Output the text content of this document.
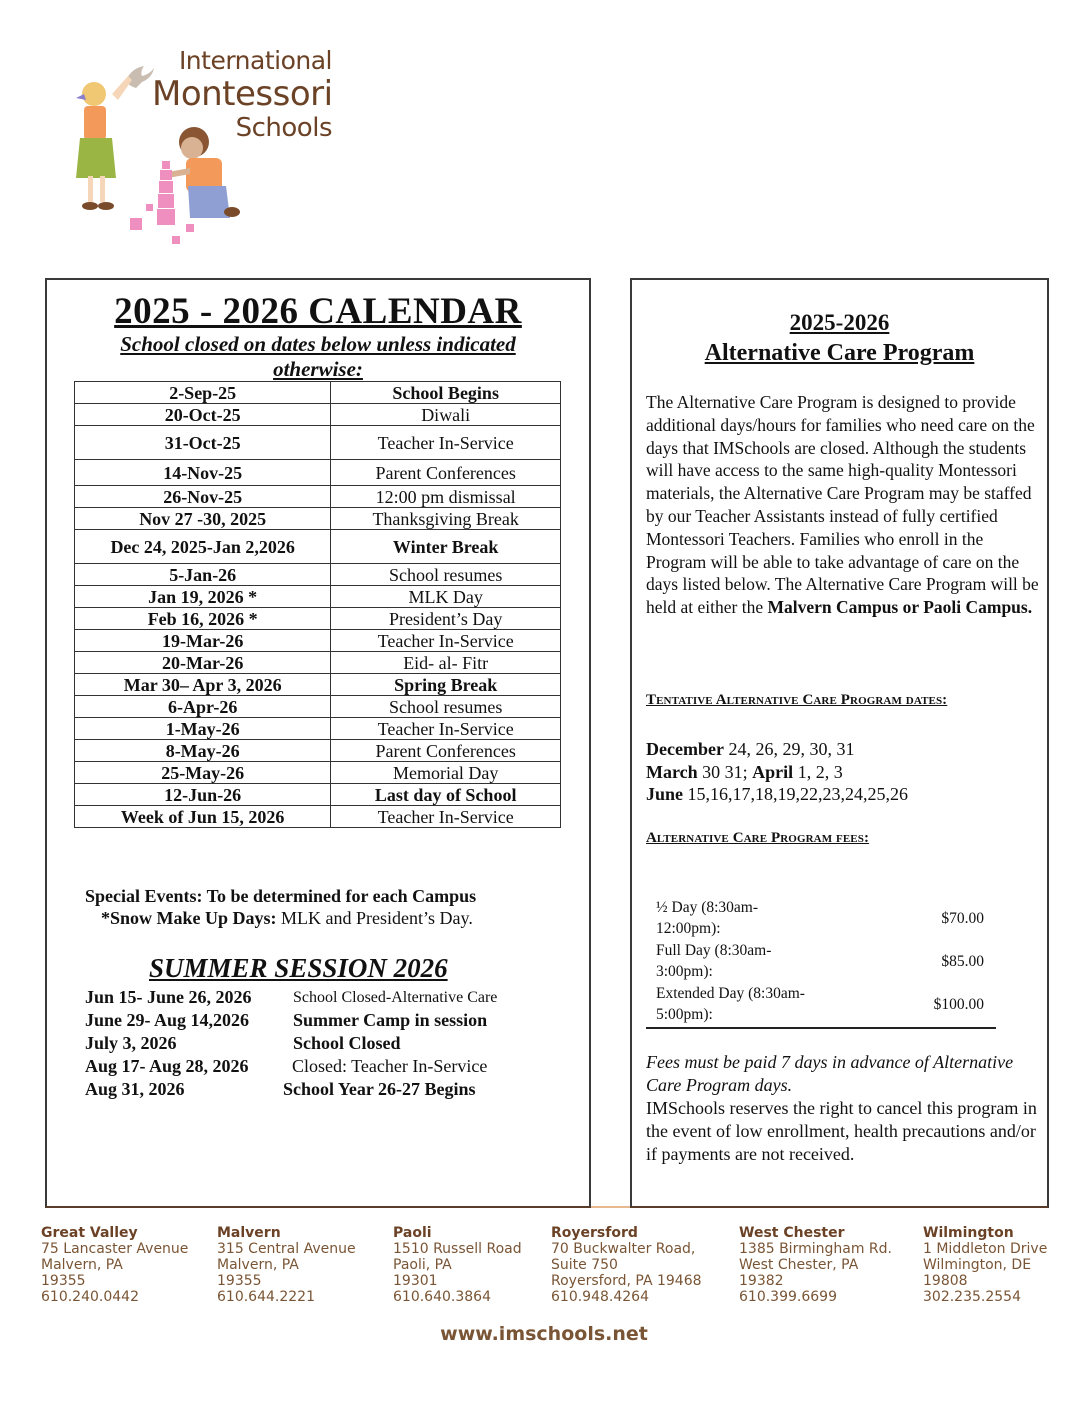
International
Montessori
Schools
2025 - 2026 CALENDAR
School closed on dates below unless indicated
otherwise:
2-Sep-25	School Begins
20-Oct-25	Diwali
31-Oct-25	Teacher In-Service
14-Nov-25	Parent Conferences
26-Nov-25	12:00 pm dismissal
Nov 27 -30, 2025	Thanksgiving Break
Dec 24, 2025-Jan 2,2026	Winter Break
5-Jan-26	School resumes
Jan 19, 2026 *	MLK Day
Feb 16, 2026 *	President’s Day
19-Mar-26	Teacher In-Service
20-Mar-26	Eid- al- Fitr
Mar 30– Apr 3, 2026	Spring Break
6-Apr-26	School resumes
1-May-26	Teacher In-Service
8-May-26	Parent Conferences
25-May-26	Memorial Day
12-Jun-26	Last day of School
Week of Jun 15, 2026	Teacher In-Service
Special Events: To be determined for each Campus
*Snow Make Up Days: MLK and President’s Day.
SUMMER SESSION 2026
Jun 15- June 26, 2026	School Closed-Alternative Care
June 29- Aug 14,2026 Summer Camp in session
July 3, 2026	School Closed
Aug 17- Aug 28, 2026 Closed: Teacher In-Service
Aug 31, 2026	School Year 26-27 Begins
2025-2026
Alternative Care Program
The Alternative Care Program is designed to provide additional days/hours for families who need care on the days that IMSchools are closed. Although the students will have access to the same high-quality Montessori materials, the Alternative Care Program may be staffed by our Teacher Assistants instead of fully certified Montessori Teachers. Families who enroll in the Program will be able to take advantage of care on the days listed below. The Alternative Care Program will be held at either the Malvern Campus or Paoli Campus.
Tentative Alternative Care Program dates:
December 24, 26, 29, 30, 31
March 30 31; April 1, 2, 3
June 15,16,17,18,19,22,23,24,25,26
Alternative Care Program fees:
½ Day (8:30am-12:00pm):
$70.00
Full Day (8:30am-3:00pm):
$85.00
Extended Day (8:30am-5:00pm):
$100.00
Fees must be paid 7 days in advance of Alternative Care Program days.
IMSchools reserves the right to cancel this program in the event of low enrollment, health precautions and/or if payments are not received.
Great Valley
75 Lancaster Avenue
Malvern, PA
19355
610.240.0442
Malvern
315 Central Avenue
Malvern, PA
19355
610.644.2221
Paoli
1510 Russell Road
Paoli, PA
19301
610.640.3864
Royersford
70 Buckwalter Road,
Suite 750
Royersford, PA 19468
610.948.4264
West Chester
1385 Birmingham Rd.
West Chester, PA
19382
610.399.6699
Wilmington
1 Middleton Drive
Wilmington, DE
19808
302.235.2554
www.imschools.net
